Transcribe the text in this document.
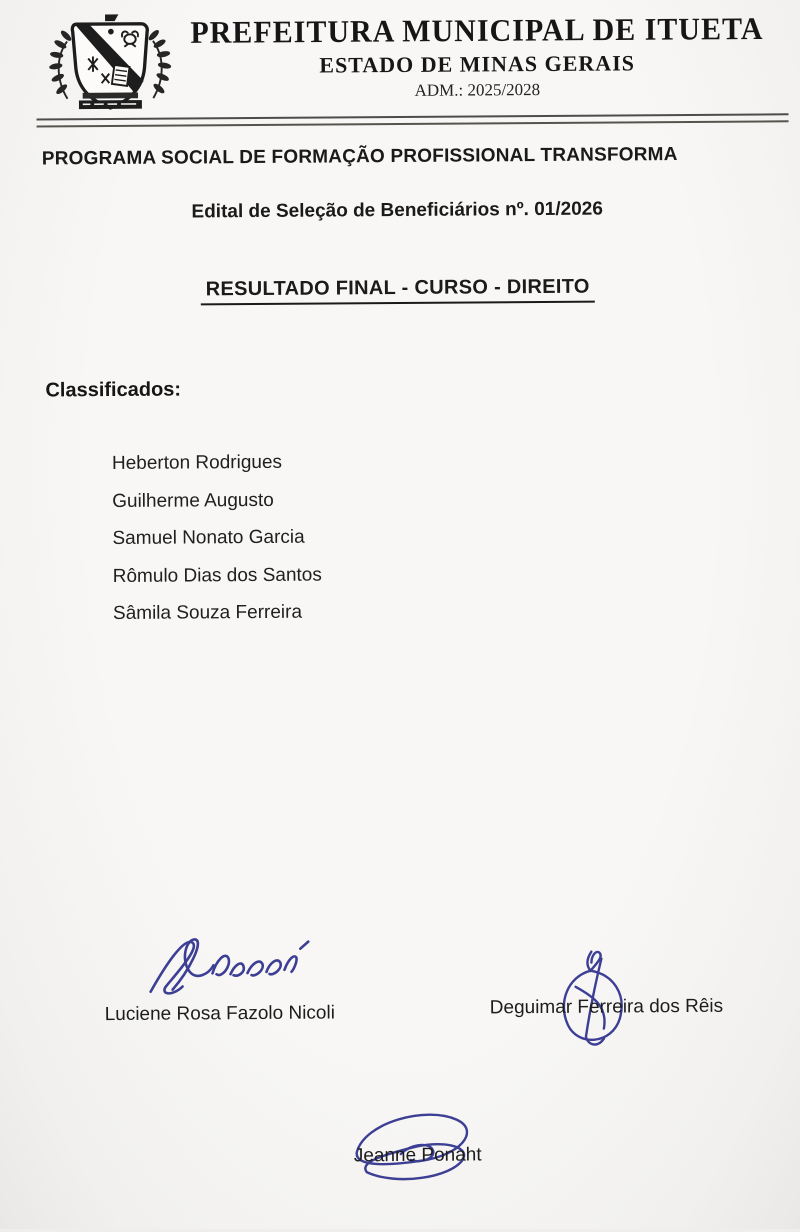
PREFEITURA MUNICIPAL DE ITUETA
ESTADO DE MINAS GERAIS
ADM.: 2025/2028
PROGRAMA SOCIAL DE FORMAÇÃO PROFISSIONAL TRANSFORMA
Edital de Seleção de Beneficiários nº. 01/2026
RESULTADO FINAL - CURSO - DIREITO
Classificados:
Heberton Rodrigues
Guilherme Augusto
Samuel Nonato Garcia
Rômulo Dias dos Santos
Sâmila Souza Ferreira
Luciene Rosa Fazolo Nicoli	Deguimar Ferreira dos Rêis
Jeanne Ponaht
